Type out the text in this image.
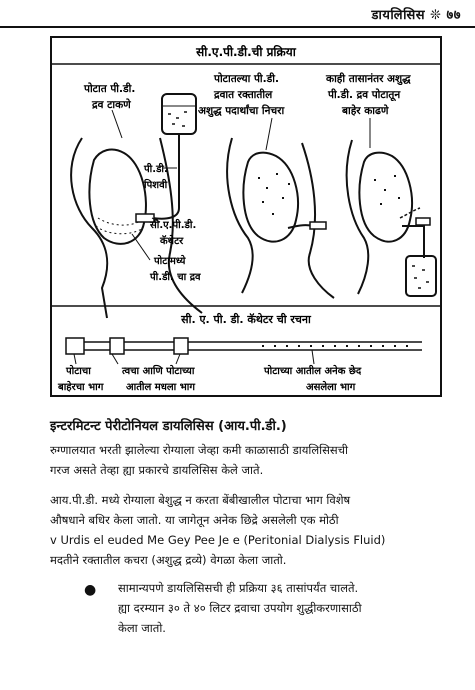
डायलिसिस ❊ ७७
सी.ए.पी.डी.ची प्रक्रिया
पोटात पी.डी.
द्रव टाकणे
पोटातल्या पी.डी.
द्रवात रक्तातील
अशुद्ध पदार्थांचा निचरा
काही तासानंतर अशुद्ध
पी.डी. द्रव पोटातून
बाहेर काढणे
पी.डी.
पिशवी
सी.ए.पी.डी.
कॅथेटर
पोटामध्ये
पी.डी. चा द्रव
सी. ए. पी. डी. कॅथेटर ची रचना
पोटाचा
बाहेरचा भाग
त्वचा आणि पोटाच्या
आतील मधला भाग
पोटाच्या आतील अनेक छेद
असलेला भाग
इन्टरमिटन्ट पेरीटोनियल डायलिसिस (आय.पी.डी.)
रुग्णालयात भरती झालेल्या रोग्याला जेव्हा कमी काळासाठी डायलिसिसची
गरज असते तेव्हा ह्या प्रकारचे डायलिसिस केले जाते.
आय.पी.डी. मध्ये रोग्याला बेशुद्ध न करता बेंबीखालील पोटाचा भाग विशेष
औषधाने बधिर केला जातो. या जागेतून अनेक छिद्रे असलेली एक मोठी
v Urdis el euded Me Gey Pee Je e (Peritonial Dialysis Fluid)
मदतीने रक्तातील कचरा (अशुद्ध द्रव्ये) वेगळा केला जातो.
● सामान्यपणे डायलिसिसची ही प्रक्रिया ३६ तासांपर्यंत चालते.
ह्या दरम्यान ३० ते ४० लिटर द्रवाचा उपयोग शुद्धीकरणासाठी
केला जातो.
